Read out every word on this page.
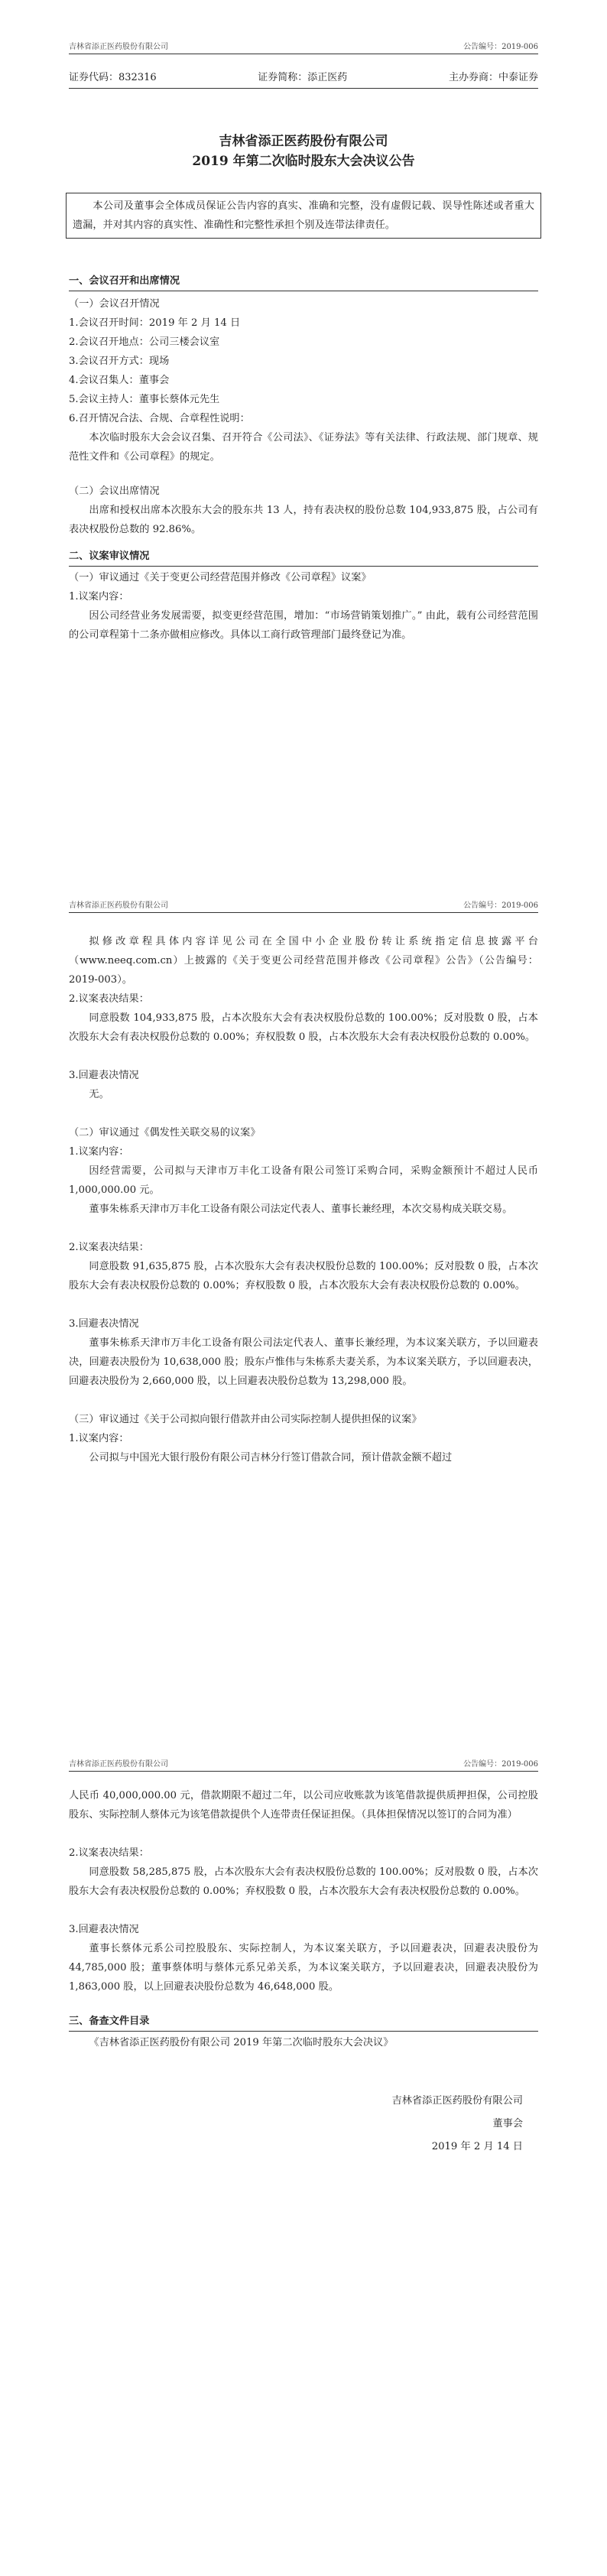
吉林省添正医药股份有限公司	公告编号：2019-006
证券代码：832316	证券简称：添正医药	主办券商：中泰证券
吉林省添正医药股份有限公司
2019 年第二次临时股东大会决议公告
本公司及董事会全体成员保证公告内容的真实、准确和完整，没有虚假记载、误导性陈述或者重大遗漏，并对其内容的真实性、准确性和完整性承担个别及连带法律责任。
一、会议召开和出席情况

（一）会议召开情况

1.会议召开时间：2019 年 2 月 14 日

2.会议召开地点：公司三楼会议室

3.会议召开方式：现场

4.会议召集人：董事会

5.会议主持人：董事长蔡体元先生

6.召开情况合法、合规、合章程性说明：

本次临时股东大会会议召集、召开符合《公司法》、《证券法》等有关法律、行政法规、部门规章、规范性文件和《公司章程》的规定。

（二）会议出席情况

出席和授权出席本次股东大会的股东共 13 人，持有表决权的股份总数 104,933,875 股，占公司有表决权股份总数的 92.86%。

二、议案审议情况

（一）审议通过《关于变更公司经营范围并修改《公司章程》议案》

1.议案内容：

因公司经营业务发展需要，拟变更经营范围，增加：“市场营销策划推广。” 由此，载有公司经营范围的公司章程第十二条亦做相应修改。具体以工商行政管理部门最终登记为准。

吉林省添正医药股份有限公司	公告编号：2019-006

拟修改章程具体内容详见公司在全国中小企业股份转让系统指定信息披露平台（www.neeq.com.cn）上披露的《关于变更公司经营范围并修改《公司章程》公告》（公告编号：2019-003）。

2.议案表决结果：

同意股数 104,933,875 股，占本次股东大会有表决权股份总数的 100.00%；反对股数 0 股，占本次股东大会有表决权股份总数的 0.00%；弃权股数 0 股，占本次股东大会有表决权股份总数的 0.00%。

3.回避表决情况

无。

（二）审议通过《偶发性关联交易的议案》

1.议案内容：

因经营需要，公司拟与天津市万丰化工设备有限公司签订采购合同，采购金额预计不超过人民币 1,000,000.00 元。

董事朱栋系天津市万丰化工设备有限公司法定代表人、董事长兼经理，本次交易构成关联交易。

2.议案表决结果：

同意股数 91,635,875 股，占本次股东大会有表决权股份总数的 100.00%；反对股数 0 股，占本次股东大会有表决权股份总数的 0.00%；弃权股数 0 股，占本次股东大会有表决权股份总数的 0.00%。

3.回避表决情况

董事朱栋系天津市万丰化工设备有限公司法定代表人、董事长兼经理，为本议案关联方，予以回避表决，回避表决股份为 10,638,000 股；股东卢惟伟与朱栋系夫妻关系，为本议案关联方，予以回避表决，回避表决股份为 2,660,000 股，以上回避表决股份总数为 13,298,000 股。

（三）审议通过《关于公司拟向银行借款并由公司实际控制人提供担保的议案》

1.议案内容：

公司拟与中国光大银行股份有限公司吉林分行签订借款合同，预计借款金额不超过

吉林省添正医药股份有限公司	公告编号：2019-006

人民币 40,000,000.00 元，借款期限不超过二年，以公司应收账款为该笔借款提供质押担保，公司控股股东、实际控制人蔡体元为该笔借款提供个人连带责任保证担保。（具体担保情况以签订的合同为准）

2.议案表决结果：

同意股数 58,285,875 股，占本次股东大会有表决权股份总数的 100.00%；反对股数 0 股，占本次股东大会有表决权股份总数的 0.00%；弃权股数 0 股，占本次股东大会有表决权股份总数的 0.00%。

3.回避表决情况

董事长蔡体元系公司控股股东、实际控制人，为本议案关联方，予以回避表决，回避表决股份为 44,785,000 股；董事蔡体明与蔡体元系兄弟关系，为本议案关联方，予以回避表决，回避表决股份为 1,863,000 股，以上回避表决股份总数为 46,648,000 股。

三、备查文件目录

《吉林省添正医药股份有限公司 2019 年第二次临时股东大会决议》

吉林省添正医药股份有限公司
董事会
2019 年 2 月 14 日
